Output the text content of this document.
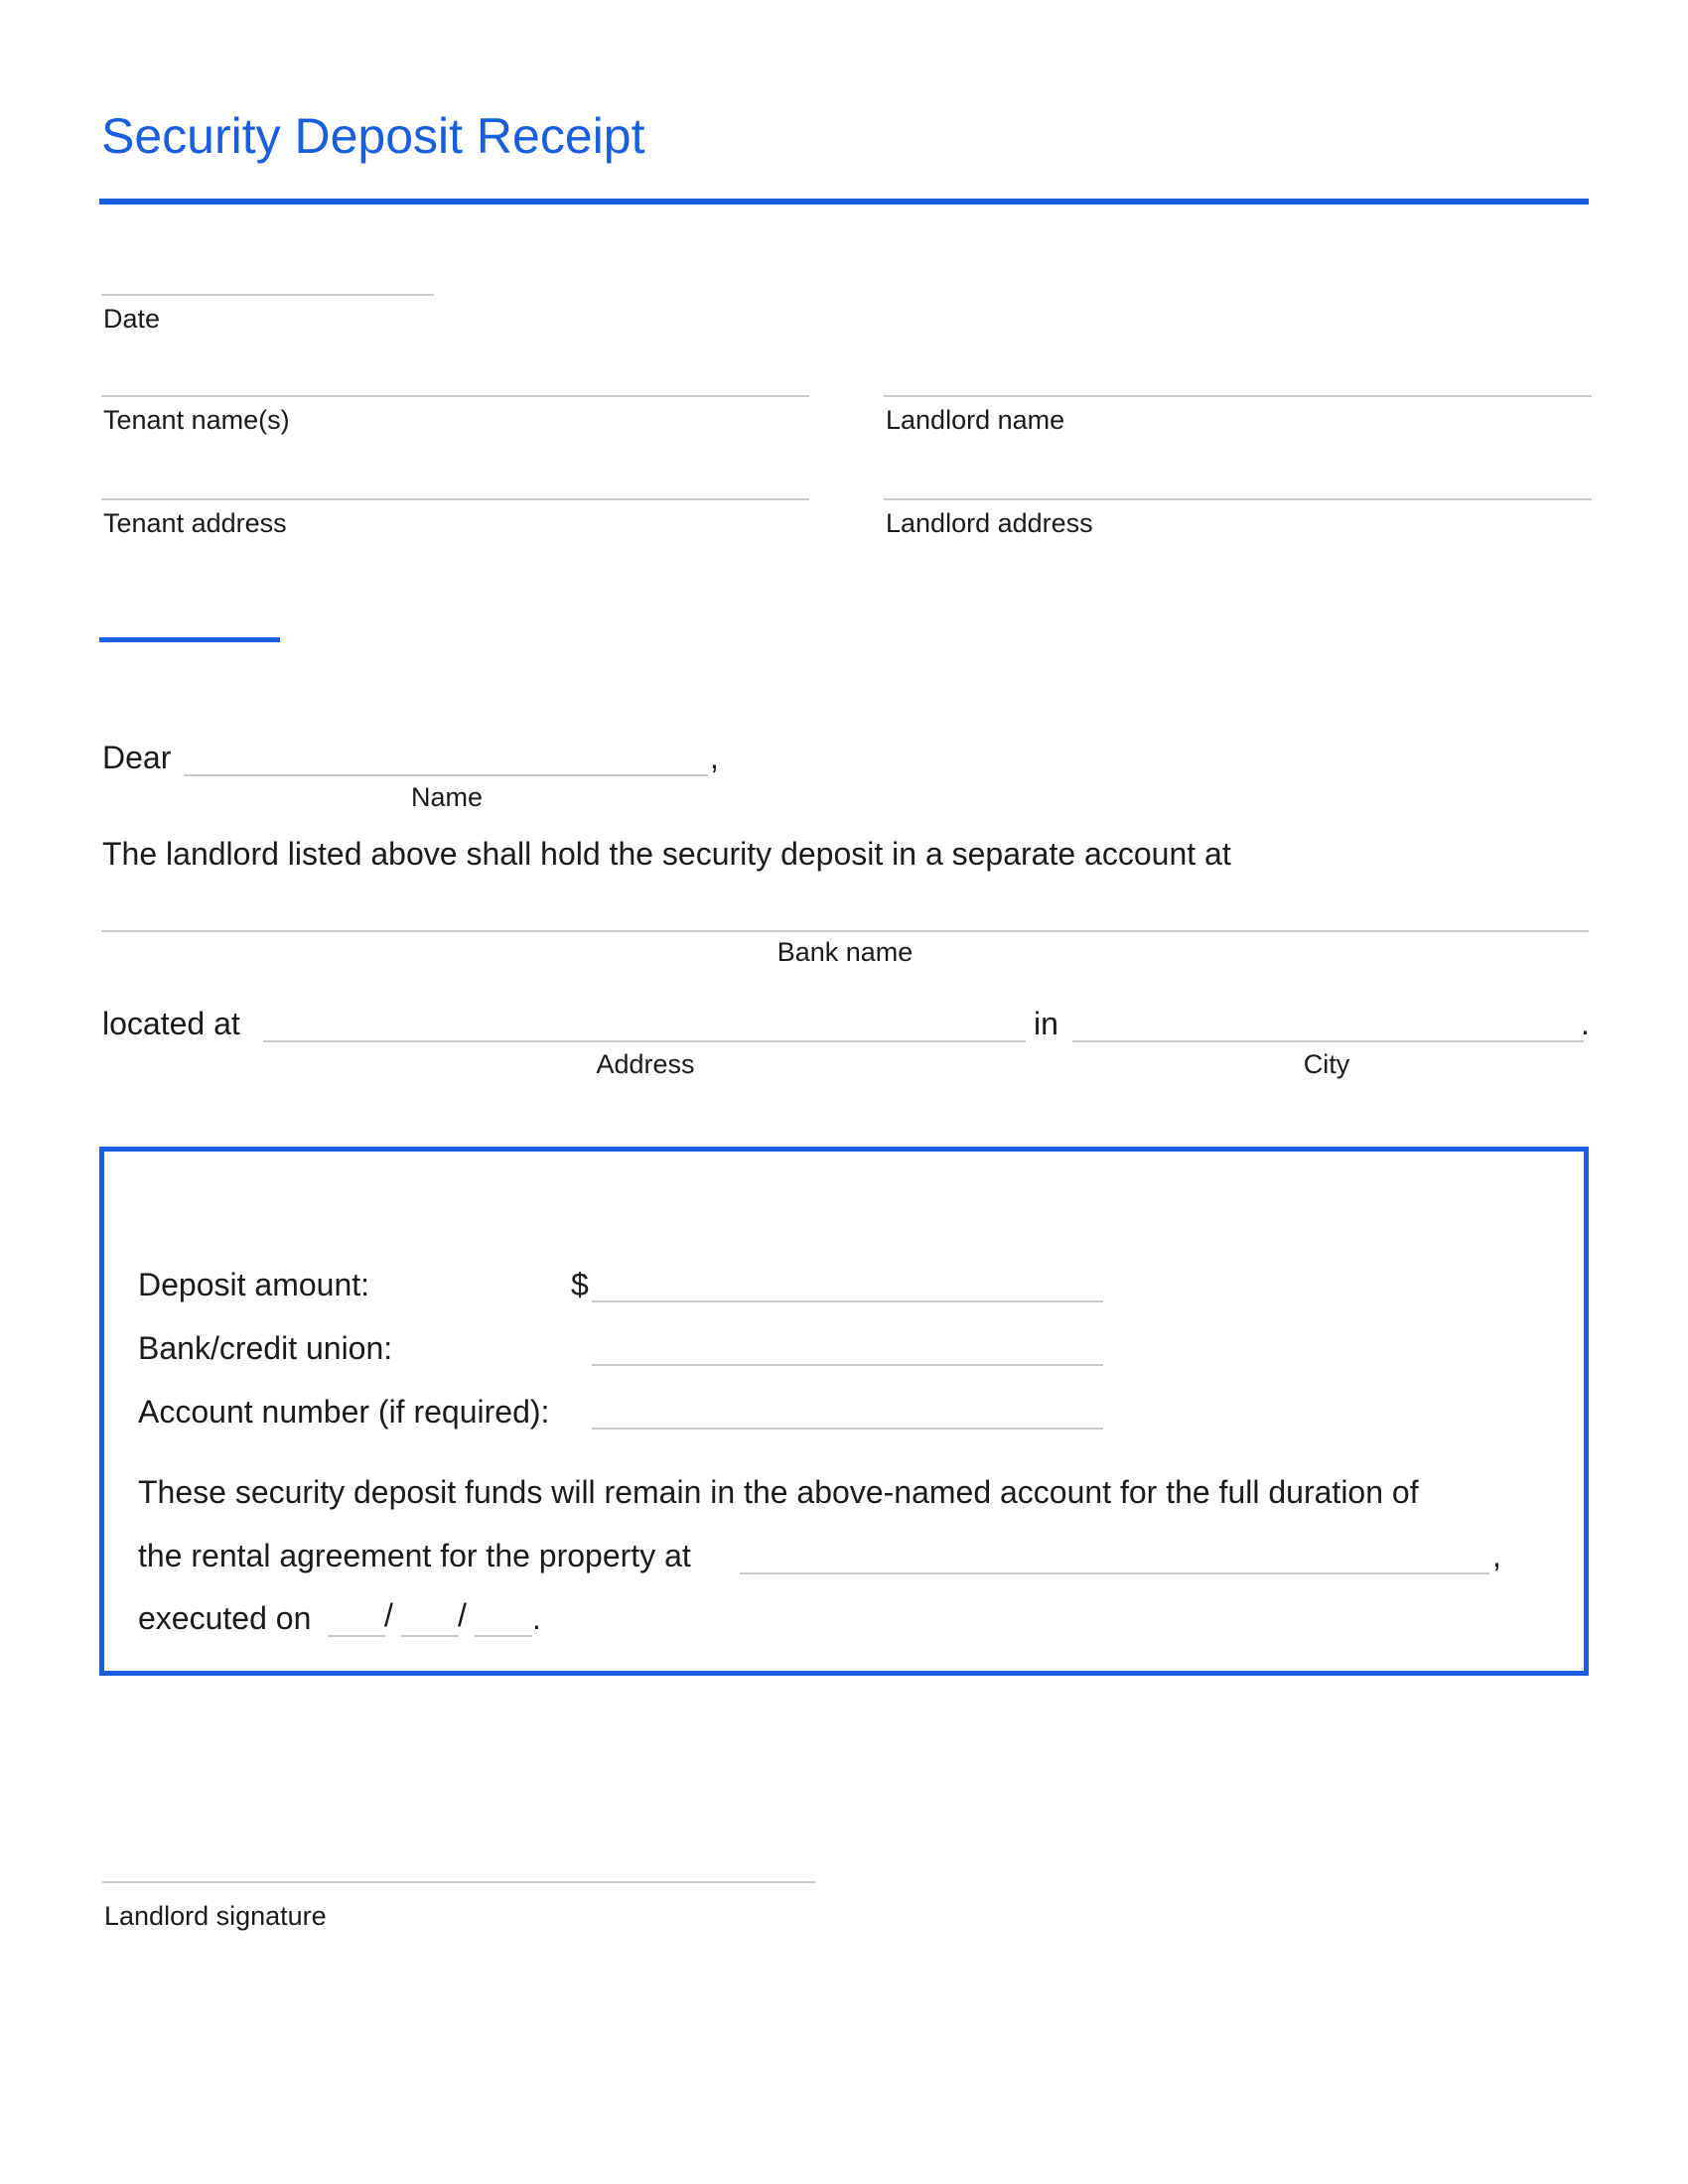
Security Deposit Receipt
Date
Tenant name(s)	Landlord name
Tenant address	Landlord address
Dear	,
Name
The landlord listed above shall hold the security deposit in a separate account at
Bank name
located at	in	.
Address	City
Deposit amount:	$
Bank/credit union:
Account number (if required):
These security deposit funds will remain in the above-named account for the full duration of
the rental agreement for the property at	,
executed on / / .
Landlord signature
